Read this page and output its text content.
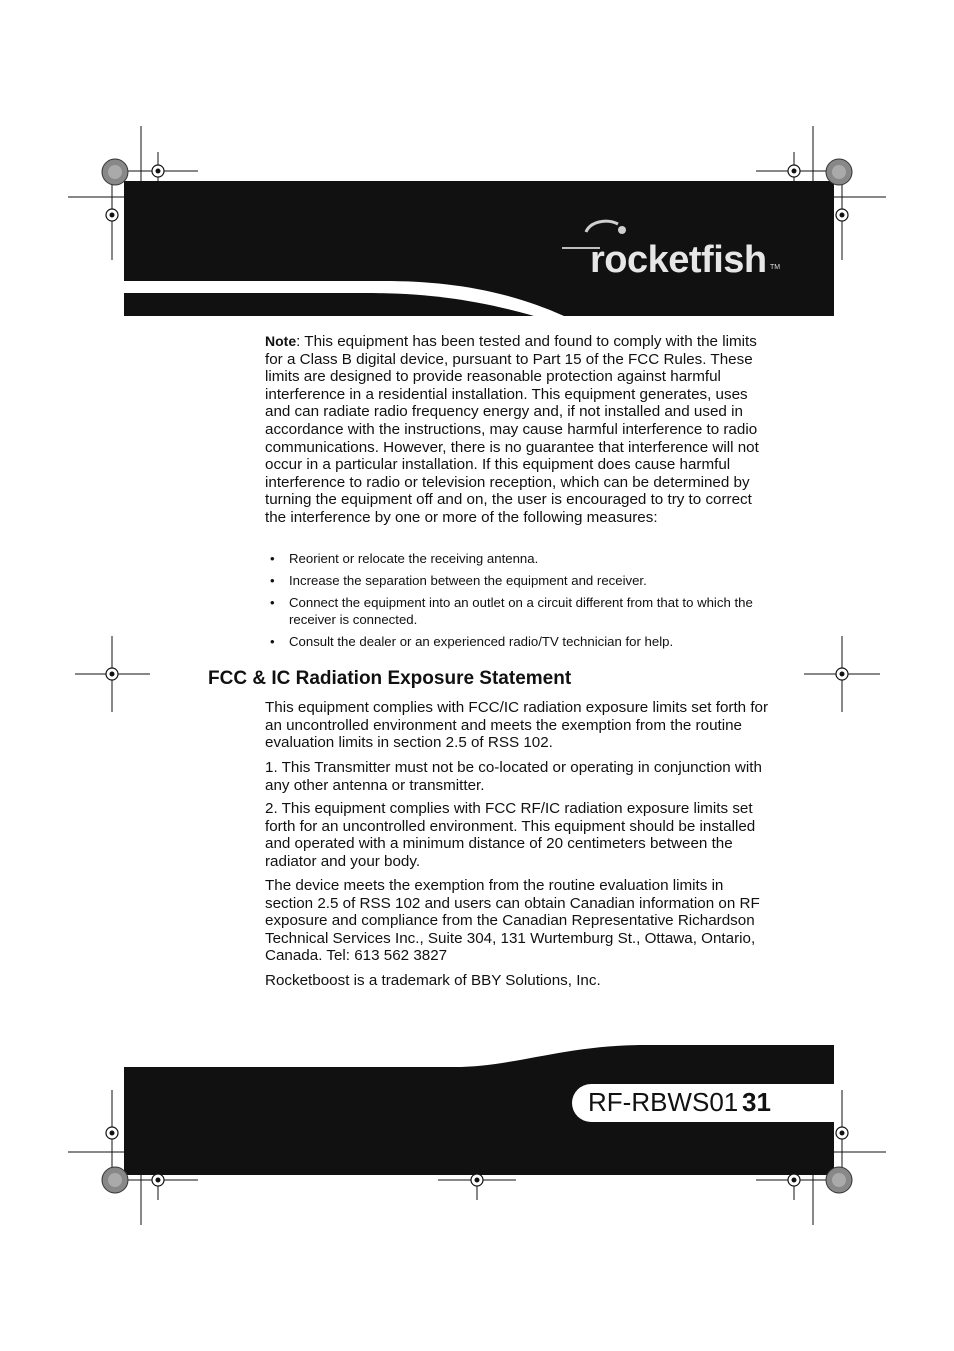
rocketfish TM

Note: This equipment has been tested and found to comply with the limits for a Class B digital device, pursuant to Part 15 of the FCC Rules. These limits are designed to provide reasonable protection against harmful interference in a residential installation. This equipment generates, uses and can radiate radio frequency energy and, if not installed and used in accordance with the instructions, may cause harmful interference to radio communications. However, there is no guarantee that interference will not occur in a particular installation. If this equipment does cause harmful interference to radio or television reception, which can be determined by turning the equipment off and on, the user is encouraged to try to correct the interference by one or more of the following measures:

• Reorient or relocate the receiving antenna.
• Increase the separation between the equipment and receiver.
• Connect the equipment into an outlet on a circuit different from that to which the receiver is connected.
• Consult the dealer or an experienced radio/TV technician for help.
FCC & IC Radiation Exposure Statement

This equipment complies with FCC/IC radiation exposure limits set forth for an uncontrolled environment and meets the exemption from the routine evaluation limits in section 2.5 of RSS 102.

1. This Transmitter must not be co-located or operating in conjunction with any other antenna or transmitter.

2. This equipment complies with FCC RF/IC radiation exposure limits set forth for an uncontrolled environment. This equipment should be installed and operated with a minimum distance of 20 centimeters between the radiator and your body.

The device meets the exemption from the routine evaluation limits in section 2.5 of RSS 102 and users can obtain Canadian information on RF exposure and compliance from the Canadian Representative Richardson Technical Services Inc., Suite 304, 131 Wurtemburg St., Ottawa, Ontario, Canada. Tel: 613 562 3827

Rocketboost is a trademark of BBY Solutions, Inc.

RF-RBWS01 31
